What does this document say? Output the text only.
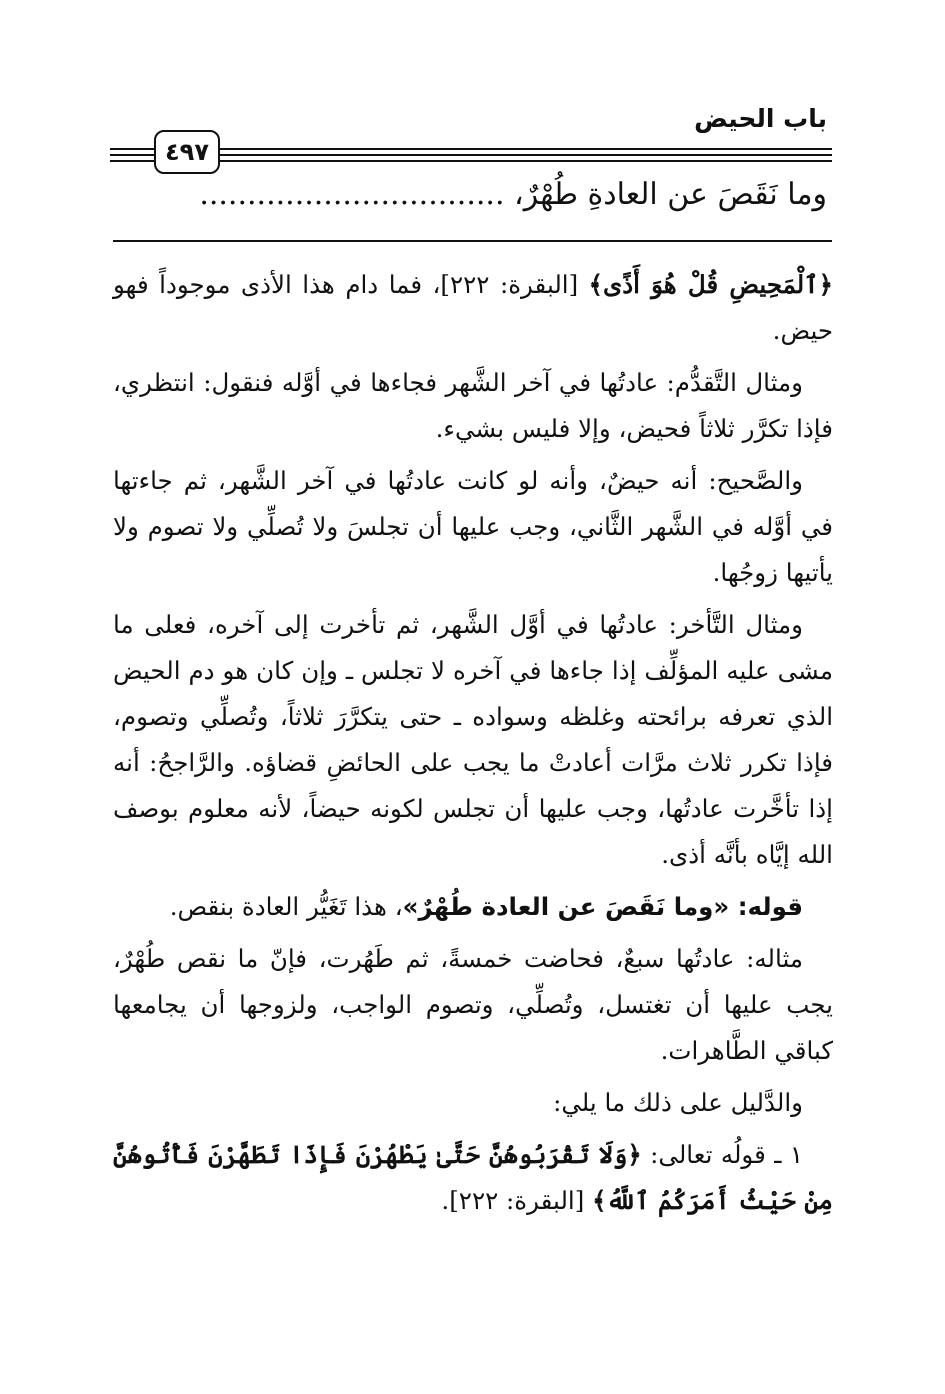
باب الحيض
٤٩٧
وما نَقَصَ عن العادةِ طُهْرٌ، ................................

﴿ٱلْمَحِيضِ قُلْ هُوَ أَذًى﴾ [البقرة: ٢٢٢]، فما دام هذا الأذى موجوداً فهو حيض.

ومثال التَّقدُّم: عادتُها في آخر الشَّهر فجاءها في أوَّله فنقول: انتظري، فإذا تكرَّر ثلاثاً فحيض، وإلا فليس بشيء.

والصَّحيح: أنه حيضٌ، وأنه لو كانت عادتُها في آخر الشَّهر، ثم جاءتها في أوَّله في الشَّهر الثَّاني، وجب عليها أن تجلسَ ولا تُصلِّي ولا تصوم ولا يأتيها زوجُها.

ومثال التَّأخر: عادتُها في أوَّل الشَّهر، ثم تأخرت إلى آخره، فعلى ما مشى عليه المؤلِّف إذا جاءها في آخره لا تجلس ـ وإن كان هو دم الحيض الذي تعرفه برائحته وغلظه وسواده ـ حتى يتكرَّرَ ثلاثاً، وتُصلِّي وتصوم، فإذا تكرر ثلاث مرَّات أعادتْ ما يجب على الحائضِ قضاؤه. والرَّاجحُ: أنه إذا تأخَّرت عادتُها، وجب عليها أن تجلس لكونه حيضاً، لأنه معلوم بوصف الله إيَّاه بأنَّه أذى.

قوله: «وما نَقَصَ عن العادة طُهْرٌ»، هذا تَغَيُّر العادة بنقص.

مثاله: عادتُها سبعٌ، فحاضت خمسةً، ثم طَهُرت، فإنّ ما نقص طُهْرٌ، يجب عليها أن تغتسل، وتُصلِّي، وتصوم الواجب، ولزوجها أن يجامعها كباقي الطَّاهرات.

والدَّليل على ذلك ما يلي:

١ ـ قولُه تعالى: ﴿وَلَا تَقْرَبُوهُنَّ حَتَّىٰ يَطْهُرْنَ فَإِذَا تَطَهَّرْنَ فَأْتُوهُنَّ مِنْ حَيْثُ أَمَرَكُمُ ٱللَّهُ﴾ [البقرة: ٢٢٢].
